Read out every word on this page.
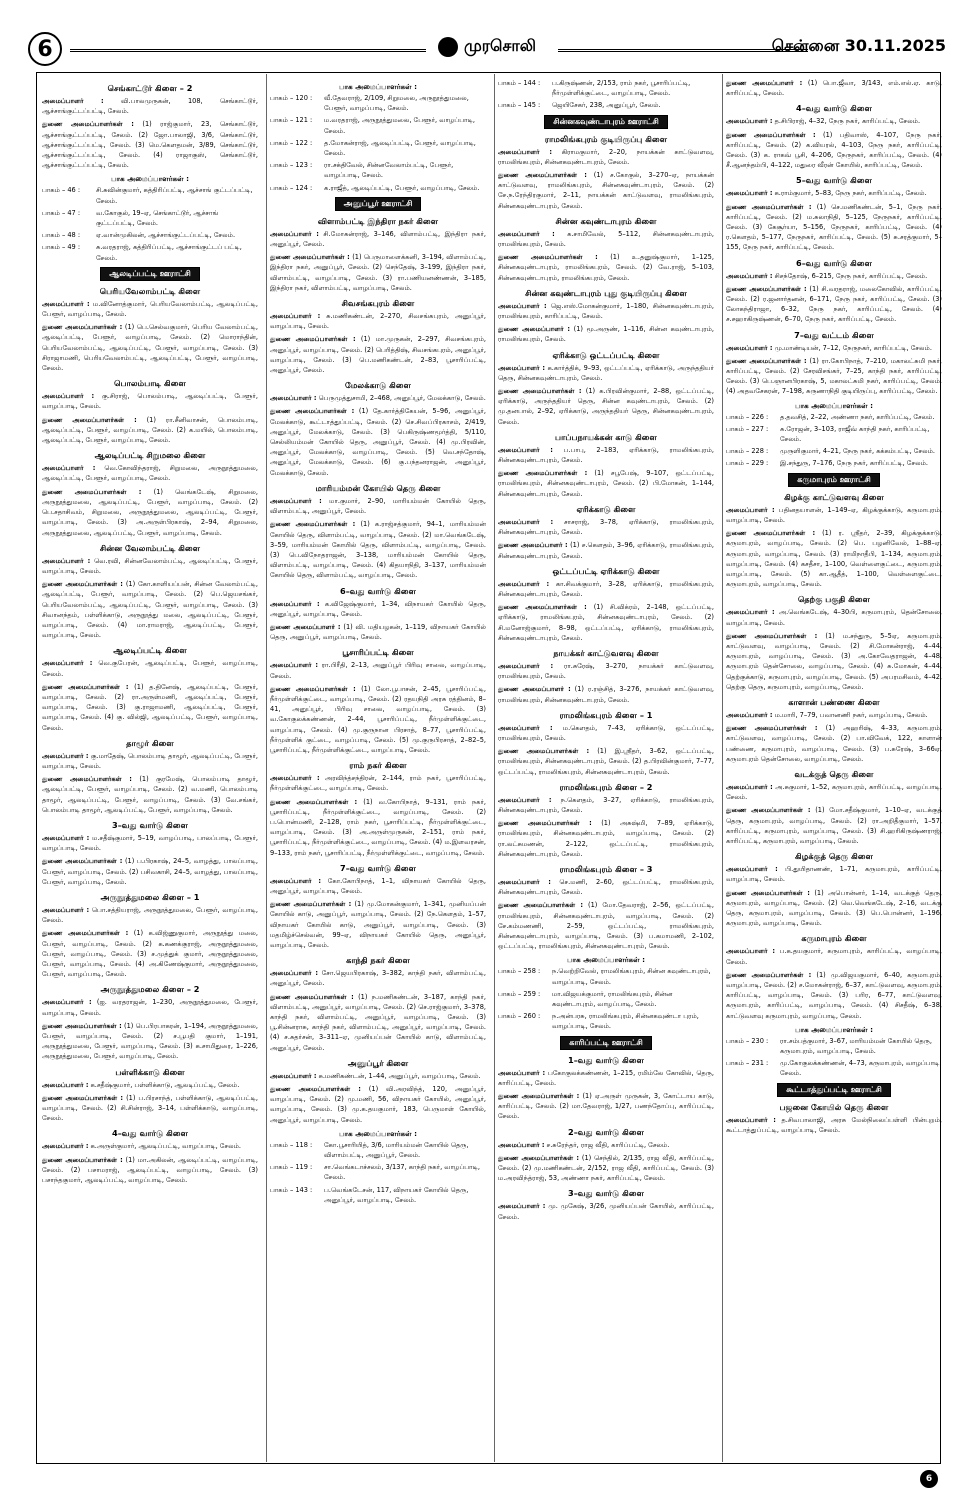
6	முரசொலி	சென்னை 30.11.2025
செங்காட்டூர் கிளை – 2
அமைப்பாளர் :	வி.பாலமுருகன், 108, செங்காட்டூர், ஆச்சாங்குட்டப்பட்டி, சேலம்.
துணை அமைப்பாளர்கள் : (1) ராஜ்குமார், 23, செங்காட்டூர், ஆச்சாங்குட்டப்பட்டி, சேலம். (2) ஜோ.பாலாஜி, 3/6, செங்காட்டூர், ஆச்சாங்குட்டப்பட்டி, சேலம். (3) மெ.கௌதமன், 3/89, செங்காட்டூர், ஆச்சாங்குட்டப்பட்டி, சேலம். (4) ராஜாகுஸ், செங்காட்டூர், ஆச்சாங்குட்டப்பட்டி, சேலம்.
பாக அமைப்பாளர்கள் :
பாகம் – 46 :	சி.சுவின்குமார், கத்திரிப்பட்டி, ஆச்சாங் குட்டப்பட்டி, சேலம்.
பாகம் – 47 :	வ.கோகுல், 19–ஏ, செங்காட்டூர், ஆச்சாங் குட்டப்பட்டி, சேலம்.
பாகம் – 48 :	ஏ.வான்முகிலன், ஆச்சாங்குட்டப்பட்டி, சேலம்.
பாகம் – 49 :	சு.வரதராஜ், கத்திரிப்பட்டி, ஆச்சாங்குட்டப் பட்டி, சேலம்.
ஆலடிப்பட்டி ஊராட்சி
பெரியவேலாம்பட்டி கிளை
அமைப்பாளர் : ம.வினோத்குமார், பெரியவேலாம்பட்டி, ஆலடிப்பட்டி, பேளூர், வாழப்பாடி, சேலம்.
துணை அமைப்பாளர்கள் : (1) பெ.செல்வகுமார், பெரிய வேலாம்பட்டி, ஆலடிப்பட்டி, பேளூர், வாழப்பாடி, சேலம். (2) மொராந்தின், பெரியவேலாம்பட்டி, ஆலடிப்பட்டி, பேளூர், வாழப்பாடி, சேலம். (3) சிராஜாமணி, பெரியவேலாம்பட்டி, ஆலடிப்பட்டி, பேளூர், வாழப்பாடி, சேலம்.
பொலம்பாடி கிளை
அமைப்பாளர் : கு.சிராஜ், பொலம்பாடி, ஆலடிப்பட்டி, பேளூர், வாழப்பாடி, சேலம்.
துணை அமைப்பாளர்கள் : (1) ரா.சீனிவாசன், பொலம்பாடி, ஆலடிப்பட்டி, பேளூர், வாழப்பாடி, சேலம். (2) க.மயில், பொலம்பாடி, ஆலடிப்பட்டி, பேளூர், வாழப்பாடி, சேலம்.
ஆலடிப்பட்டி சிறுமலை கிளை
அமைப்பாளர் : வெ.கோவிந்தராஜ், சிறுமலை, அருநூத்துமலை, ஆலடிப்பட்டி, பேளூர், வாழப்பாடி, சேலம்.
துணை அமைப்பாளர்கள் : (1) வெங்கடேஷ், சிறுமலை, அருநூத்துமலை, ஆலடிப்பட்டி, பேளூர், வாழப்பாடி, சேலம். (2) பெ.சதாசிவம், சிறுமலை, அருநூத்துமலை, ஆலடிப்பட்டி, பேளூர், வாழப்பாடி, சேலம். (3) அ.அருள்பிரகாஷ், 2–94, சிறுமலை, அருநூத்துமலை, ஆலடிப்பட்டி, பேளூர், வாழப்பாடி, சேலம்.
சின்ன வேலாம்பட்டி கிளை
அமைப்பாளர் : வெ.ரவி, சின்னவேலாம்பட்டி, ஆலடிப்பட்டி, பேளூர், வாழப்பாடி, சேலம்.
துணை அமைப்பாளர்கள் : (1) கோ.காளியப்பன், சின்ன வேலாம்பட்டி, ஆலடிப்பட்டி, பேளூர், வாழப்பாடி, சேலம். (2) பெ.ஜெயசங்கர், பெரியவேலாம்பட்டி, ஆலடிப்பட்டி, பேளூர், வாழப்பாடி, சேலம். (3) சிவானந்தம், பள்ளிக்காடு, அருநூத்து மலை, ஆலடிப்பட்டி, பேளூர், வாழப்பாடி, சேலம். (4) மா.ராமராஜ், ஆலடிப்பட்டி, பேளூர், வாழப்பாடி, சேலம்.
ஆலடிப்பட்டி கிளை
அமைப்பாளர் : வெ.குபேரன், ஆலடிப்பட்டி, பேளூர், வாழப்பாடி, சேலம்.
துணை அமைப்பாளர்கள் : (1) த.தினேஷ், ஆலடிப்பட்டி, பேளூர், வாழப்பாடி, சேலம். (2) ரா.அருள்மணி, ஆலடிப்பட்டி, பேளூர், வாழப்பாடி, சேலம். (3) கு.ராஜாமணி, ஆலடிப்பட்டி, பேளூர், வாழப்பாடி, சேலம். (4) கு. வில்ஜி, ஆலடிப்பட்டி, பேளூர், வாழப்பாடி, சேலம்.
தாழூர் கிளை
அமைப்பாளர் : கு.மாதேஷ், பொலம்பாடி தாழூர், ஆலடிப்பட்டி, பேளூர், வாழப்பாடி, சேலம்.
துணை அமைப்பாளர்கள் : (1) குரமேஷ், பொலம்பாடி தாழூர், ஆலடிப்பட்டி, பேளூர், வாழப்பாடி, சேலம். (2) வ.மணி, பொலம்பாடி தாழூர், ஆலடிப்பட்டி, பேளூர், வாழப்பாடி, சேலம். (3) வே.சங்கர், பொலம்பாடி தாழூர், ஆலடிப்பட்டி, பேளூர், வாழப்பாடி, சேலம்.
3–வது வார்டு கிளை
அமைப்பாளர் : ம.சதீஷ்குமார், 5–19, வாழப்பாடி, பாலப்பாடி, பேளூர், வாழப்பாடி, சேலம்.
துணை அமைப்பாளர்கள் : (1) ப.பிரகாஷ், 24–5, வாழத்து, பாலப்பாடி, பேளூர், வாழப்பாடி, சேலம். (2) பசிவகாசி, 24–5, வாழத்து, பாலப்பாடி, பேளூர், வாழப்பாடி, சேலம்.
அருநூத்துமலை கிளை – 1
அமைப்பாளர் : பொ.சத்தியராஜ், அருநூத்துமலை, பேளூர், வாழப்பாடி, சேலம்.
துணை அமைப்பாளர்கள் : (1) க.விஜ்ணுகுமார், அருநூத்து மலை, பேளூர், வாழப்பாடி, சேலம். (2) க.கணக்குராஜ், அருநூத்துமலை, பேளூர், வாழப்பாடி, சேலம். (3) ச.முத்துக் குமார், அருநூத்துமலை, பேளூர், வாழப்பாடி, சேலம். (4) அ.கிணேஷ்குமார், அருநூத்துமலை, பேளூர், வாழப்பாடி, சேலம்.
அருநூத்துமலை கிளை – 2
அமைப்பாளர் : (ஐ. வரதராஜன், 1–230, அருநூத்துமலை, பேளூர், வாழப்பாடி, சேலம்.
துணை அமைப்பாளர்கள் : (1) பெ.பிரபாகரன், 1–194, அருநூத்துமலை, பேளூர், வாழப்பாடி, சேலம். (2) ச.பூபதி குமார், 1–191, அருநூத்துமலை, பேளூர், வாழப்பாடி, சேலம். (3) க.சாமிதுரை, 1–226, அருநூத்துமலை, பேளூர், வாழப்பாடி, சேலம்.
பள்ளிக்காடு கிளை
அமைப்பாளர் : க.சதீஷ்குமார், பள்ளிக்காடு, ஆலடிப்பட்டி, சேலம்.
துணை அமைப்பாளர்கள் : (1) ப.பிரசாந்த், பள்ளிக்காடு, ஆலடிப்பட்டி, வாழப்பாடி, சேலம். (2) சி.சின்ராஜ், 3–14, பள்ளிக்காடு, வாழப்பாடி, சேலம்.
4–வது வார்டு கிளை
அமைப்பாளர் : க.அருள்குமார், ஆலடிப்பட்டி, வாழப்பாடி, சேலம்.
துணை அமைப்பாளர்கள் : (1) மா.அகிலன், ஆலடிப்பட்டி, வாழப்பாடி, சேலம். (2) பசாமராஜ், ஆலடிப்பட்டி, வாழப்பாடி, சேலம். (3) பசாந்தகுமார், ஆலடிப்பட்டி, வாழப்பாடி, சேலம்.
பாக அமைப்பாளர்கள் :
பாகம் – 120 :	வீ.தேவராஜ், 2/109, சிறுமலை, அருநூத்துமலை, பேளூர், வாழப்பாடி, சேலம்.
பாகம் – 121 :	ம.வரதராஜ், அருநூத்துமலை, பேளூர், வாழப்பாடி, சேலம்.
பாகம் – 122 :	த.மோகன்ராஜ், ஆலடிப்பட்டி, பேளூர், வாழப்பாடி, சேலம்.
பாகம் – 123 :	ரா.சக்திவேல், சின்னவேலாம்பட்டி, பேளூர், வாழப்பாடி, சேலம்.
பாகம் – 124 :	க.ராஜீத், ஆலடிப்பட்டி, பேளூர், வாழப்பாடி, சேலம்.
அனுப்பூர் ஊராட்சி
விளாம்பட்டி இந்திரா நகர் கிளை
அமைப்பாளர் : சி.மோகன்ராஜ், 3–146, விளாம்பட்டி, இந்திரா நகர், அனுப்பூர், சேலம்.
துணை அமைப்பாளர்கள் : (1) பெருமாளைக்கனி, 3–194, விளாம்பட்டி, இந்திரா நகர், அனுப்பூர், சேலம். (2) செந்தேஷ், 3–199, இந்திரா நகர், விளாம்பட்டி, வாழப்பாடி, சேலம். (3) ரா.பணியனண்ணன், 3–185, இந்திரா நகர், விளாம்பட்டி, வாழப்பாடி, சேலம்.
சிவசங்கபுரம் கிளை
அமைப்பாளர் : சு.மணிகண்டன், 2–270, சிவசங்கபுரம், அனுப்பூர், வாழப்பாடி, சேலம்.
துணை அமைப்பாளர்கள் : (1) மா.முருகன், 2–297, சிவசங்கபுரம், அனுப்பூர், வாழப்பாடி, சேலம். (2) பெரித்திஷ், சிவசங்கபுரம், அனுப்பூர், வாழப்பாடி, சேலம். (3) பெ.மணிகண்டன், 2–83, பூசாரிப்பட்டி, அனுப்பூர், சேலம்.
மேலக்காடு கிளை
அமைப்பாளர் : பெருமுத்துசாமி, 2–468, அனுப்பூர், மேலக்காடு, சேலம்.
துணை அமைப்பாளர்கள் : (1) தே.கார்த்திகேயன், 5–96, அனுப்பூர், மேலக்காடு, கூட்டாத்துப்பட்டி, சேலம். (2) செ.சிவப்பிரகாசம், 2/419, அனுப்பூர், மேலக்காடு, சேலம். (3) பெகிருஷ்ணமூர்த்தி, 5/110, செல்லியம்மன் கோயில் தெரு, அனுப்பூர், சேலம். (4) மு.பிரவின், அனுப்பூர், மேலக்காடு, வாழப்பாடி, சேலம். (5) வெ.சந்தோஷ், அனுப்பூர், மேலக்காடு, சேலம். (6) கு.பந்தனராஜன், அனுப்பூர், மேலக்காடு, சேலம்.
மாரியம்மன் கோயில் தெரு கிளை
அமைப்பாளர் : மா.குமார், 2–90, மாரியம்மன் கோயில் தெரு, விளாம்பட்டி, அனுப்பூர், சேலம்.
துணை அமைப்பாளர்கள் : (1) க.ராஜ்சத்குமார், 94–1, மாரியம்மன் கோயில் தெரு, விளாம்பட்டி, வாழப்பாடி, சேலம். (2) மா.வெங்கடேஷ், 3–59, மாரியம்மன் கோயில் தெரு, விளாம்பட்டி, வாழப்பாடி, சேலம். (3) பெ.விநோதராஜன், 3–138, மாரியம்மன் கோயில் தெரு, விளாம்பட்டி, வாழப்பாடி, சேலம். (4) கிதயாநிதி, 3–137, மாரியம்மன் கோயில் தெரு, விளாம்பட்டி, வாழப்பாடி, சேலம்.
6–வது வார்டு கிளை
அமைப்பாளர் : க.விஜேஷ்குமார், 1–34, விநாயகர் கோயில் தெரு, அனுப்பூர், வாழப்பாடி, சேலம்.
துணை அமைப்பாளர் : (1) வி. மதியழகன், 1–119, விநாயகர் கோயில் தெரு, அனுப்பூர், வாழப்பாடி, சேலம்.
பூசாரிப்பட்டி கிளை
அமைப்பாளர் : ரா.பிரீதி, 2–13, அனுப்பூர் பிரிவு சாலை, வாழப்பாடி, சேலம்.
துணை அமைப்பாளர்கள் : (1) லோ.பூபாசன், 2–45, பூசாரிப்பட்டி, நீர்முள்ளிக்குட்டை, வாழப்பாடி, சேலம். (2) ரதயநிதி அரசு ரத்தினம், 8–41, அனுப்பூர், பிரிவு சாலை, வாழப்பாடி, சேலம். (3) வ.கோகுலக்கண்ணன், 2–44, பூசாரிப்பட்டி, நீர்முள்ளிக்குட்டை, வாழப்பாடி, சேலம். (4) மு.குருநான பிரசாத், 8–77, பூசாரிப்பட்டி, நீர்முள்ளிக் குட்டை, வாழப்பாடி, சேலம். (5) மு.குருபிரசாத், 2–82–5, பூசாரிப்பட்டி, நீர்முள்ளிக்குட்டை, வாழப்பாடி, சேலம்.
ராம் நகர் கிளை
அமைப்பாளர் : அரவிந்த்சந்திரன், 2–144, ராம் நகர், பூசாரிப்பட்டி, நீர்முள்ளிக்குட்டை, வாழப்பாடி, சேலம்.
துணை அமைப்பாளர்கள் : (1) வ.கோபிநாத், 9–131, ராம் நகர், பூசாரிப்பட்டி, நீர்முள்ளிக்குட்டை, வாழப்பாடி, சேலம். (2) ப.பொன்மணி, 2–128, ராம் நகர், பூசாரிப்பட்டி, நீர்முள்ளிக்குட்டை, வாழப்பாடி, சேலம். (3) அ.அருள்முருகன், 2–151, ராம் நகர், பூசாரிப்பட்டி, நீர்முள்ளிக்குட்டை, வாழப்பாடி, சேலம். (4) ம.இளவரசன், 9–133, ராம் நகர், பூசாரிப்பட்டி, நீர்முள்ளிக்குட்டை, வாழப்பாடி, சேலம்.
7–வது வார்டு கிளை
அமைப்பாளர் : கோ.கோபிநாத், 1–1, விநாயகர் கோயில் தெரு, அனுப்பூர், வாழப்பாடி, சேலம்.
துணை அமைப்பாளர்கள் : (1) மு.மோகன்குமார், 1–341, முனியப்பன் கோயில் காடு, அனுப்பூர், வாழப்பாடி, சேலம். (2) நே.கௌதம், 1–57, விநாயகர் கோயில் காடு, அனுப்பூர், வாழப்பாடி, சேலம். (3) மதமிழ்ச்செல்வன், 99–ஏ, விநாயகர் கோயில் தெரு, அனுப்பூர், வாழப்பாடி, சேலம்.
காந்தி நகர் கிளை
அமைப்பாளர் : சோ.ஜெயபிரகாஷ், 3–382, காந்தி நகர், விளாம்பட்டி, அனுப்பூர், சேலம்.
துணை அமைப்பாளர்கள் : (1) ந.மணிகண்டன், 3–187, காந்தி நகர், விளாம்பட்டி, அனுப்பூர், வாழப்பாடி, சேலம். (2) செ.ராஜ்குமார், 3–378, காந்தி நகர், விளாம்பட்டி, அனுப்பூர், வாழப்பாடி, சேலம். (3) பூ.சின்னராசு, காந்தி நகர், விளாம்பட்டி, அனுப்பூர், வாழப்பாடி, சேலம். (4) ச.சுதர்சன், 3–311–ஏ, முனியப்பன் கோயில் காடு, விளாம்பட்டி, அனுப்பூர், சேலம்.
அனுப்பூர் கிளை
அமைப்பாளர் : சு.மணிகண்டன், 1–44, அனுப்பூர், வாழப்பாடி, சேலம்.
துணை அமைப்பாளர்கள் : (1) வி.அரவிந்த், 120, அனுப்பூர், வாழப்பாடி, சேலம். (2) மு.மணி, 56, விநாயகர் கோயில், அனுப்பூர், வாழப்பாடி, சேலம். (3) மு.க.தயகுமார், 183, பெருமாள் கோயில், அனுப்பூர், வாழப்பாடி, சேலம்.
பாக அமைப்பாளர்கள் :
பாகம் – 118 :	கோ.பூசாரியித், 3/6, மாரியம்மன் கோயில் தெரு, விளாம்பட்டி, அனுப்பூர், சேலம்.
பாகம் – 119 :	சா.வெங்கடாச்சலம், 3/137, காந்தி நகர், வாழப்பாடி, சேலம்.
பாகம் – 143 :	ப.வெங்கடேசன், 117, விநாயகர் கோயில் தெரு, அனுப்பூர், வாழப்பாடி, சேலம்.
பாகம் – 144 :	ப.கிருஷ்ணன், 2/153, ராம் நகர், பூசாரிப்பட்டி, நீர்முள்ளிக்குட்டை, வாழப்பாடி, சேலம்.
பாகம் – 145 :	ஜெயிசேகர், 238, அனுப்பூர், சேலம்.
சின்னகவுண்டாபுரம் ஊராட்சி
ராமலிங்கபுரம் குடியிருப்பு கிளை
அமைப்பாளர் : கிராமகுமார், 2–20, நாயக்கன் காட்டுவளவு, ராமலிங்கபுரம், சின்னகவுண்டாபுரம், சேலம்.
துணை அமைப்பாளர்கள் : (1) ச.கோகுல், 3–270–ஏ, நாயக்கன் காட்டுவளவு, ராமலிங்கபுரம், சின்னகவுண்டாபுரம், சேலம். (2) சே.ந.ரேந்திரகுமார், 2–11, நாயக்கன் காட்டுவளவு, ராமலிங்கபுரம், சின்னகவுண்டாபுரம், சேலம்.
சின்ன கவுண்டாபுரம் கிளை
அமைப்பாளர் : க.சாமிவேல், 5–112, சின்னகவுண்டாபுரம், ராமலிங்கபுரம், சேலம்.
துணை அமைப்பாளர்கள் : (1) உ.தனுஷ்குமார், 1–125, சின்னகவுண்டாபுரம், ராமலிங்கபுரம், சேலம். (2) வே.ராஜ், 5–103, சின்னகவுண்டாபுரம், ராமலிங்கபுரம், சேலம்.
சின்ன கவுண்டாபுரம் புது குடியிருப்பு கிளை
அமைப்பாளர் : ஜெ.எஸ்.மோகன்குமார், 1–180, சின்னகவுண்டாபுரம், ராமலிங்கபுரம், காரிப்பட்டி, சேலம்.
துணை அமைப்பாளர் : (1) மூ.அருண், 1–116, சின்ன கவுண்டாபுரம், ராமலிங்கபுரம், சேலம்.
ஏரிக்காடு ஒட்டப்பட்டி கிளை
அமைப்பாளர் : க.கார்த்திக், 9–93, ஒட்டப்பட்டி, ஏரிக்காடு, அருந்ததியர் தெரு, சின்னகவுண்டாபுரம், சேலம்.
துணை அமைப்பாளர்கள் : (1) க.பிரவின்குமார், 2–88, ஒட்டப்பட்டி, ஏரிக்காடு, அருந்ததியர் தெரு, சின்ன கவுண்டாபுரம், சேலம். (2) மு.தனபால், 2–92, ஏரிக்காடு, அருந்ததியர் தெரு, சின்னகவுண்டாபுரம், சேலம்.
பாப்பநாயக்கன் காடு கிளை
அமைப்பாளர் : ப.பாபு, 2–183, ஏரிக்காடு, ராமலிங்கபுரம், சின்னகவுண்டாபுரம், சேலம்.
துணை அமைப்பாளர்கள் : (1) சபூபேஷ், 9–107, ஒட்டப்பட்டி, ராமலிங்கபுரம், சின்னகவுண்டாபுரம், சேலம். (2) பி.மோகன், 1–144, சின்னகவுண்டாபுரம், சேலம்.
ஏரிக்காடு கிளை
அமைப்பாளர் : சாசராஜ், 3–78, ஏரிக்காடு, ராமலிங்கபுரம், சின்னகவுண்டாபுரம், சேலம்.
துணை அமைப்பாளர் : (1) ச.கௌதம், 3–96, ஏரிக்காடு, ராமலிங்கபுரம், சின்னகவுண்டாபுரம், சேலம்.
ஒட்டப்பட்டி ஏரிக்காடு கிளை
அமைப்பாளர் : கா.சிவக்குமார், 3–28, ஏரிக்காடு, ராமலிங்கபுரம், சின்னகவுண்டாபுரம், சேலம்.
துணை அமைப்பாளர்கள் : (1) சி.விக்ரம், 2–148, ஒட்டப்பட்டி, ஏரிக்காடு, ராமலிங்கபுரம், சின்னகவுண்டாபுரம், சேலம். (2) சி.மனோஜ்குமார், 8–98, ஒட்டப்பட்டி, ஏரிக்காடு, ராமலிங்கபுரம், சின்னகவுண்டாபுரம், சேலம்.
நாயக்கர் காட்டுவளவு கிளை
அமைப்பாளர் : ரா.சுரேஷ், 3–270, நாயக்கர் காட்டுவளவு, ராமலிங்கபுரம், சேலம்.
துணை அமைப்பாளர் : (1) ர.ரஞ்சித், 3–276, நாயக்கர் காட்டுவளவு, ராமலிங்கபுரம், சின்னகவுண்டாபுரம், சேலம்.
ராமலிங்கபுரம் கிளை – 1
அமைப்பாளர் : ம.கௌதம், 7–43, ஏரிக்காடு, ஒட்டப்பட்டி, ராமலிங்கபுரம், சேலம்.
துணை அமைப்பாளர்கள் : (1) இ.ஸ்ரீதர், 3–62, ஒட்டப்பட்டி, ராமலிங்கபுரம், சின்னகவுண்டாபுரம், சேலம். (2) த.பிரவின்குமார், 7–77, ஒட்டப்பட்டி, ராமலிங்கபுரம், சின்னகவுண்டாபுரம், சேலம்.
ராமலிங்கபுரம் கிளை – 2
அமைப்பாளர் : ந.கௌதம், 3–27, ஏரிக்காடு, ராமலிங்கபுரம், சின்னகவுண்டாபுரம், சேலம்.
துணை அமைப்பாளர்கள் : (1) அசுஷ்மி, 7–89, ஏரிக்காடு, ராமலிங்கபுரம், சின்னகவுண்டாபுரம், வாழப்பாடி, சேலம். (2) ரா.லட்சுமணன், 2–122, ஒட்டப்பட்டி, ராமலிங்கபுரம், சின்னகவுண்டாபுரம், சேலம்.
ராமலிங்கபுரம் கிளை – 3
அமைப்பாளர் : செ.மணி, 2–60, ஒட்டப்பட்டி, ராமலிங்கபுரம், சின்னகவுண்டாபுரம், சேலம்.
துணை அமைப்பாளர்கள் : (1) மோ.தேவராஜ், 2–56, ஒட்டப்பட்டி, ராமலிங்கபுரம், சின்னகவுண்டாபுரம், வாழப்பாடி, சேலம். (2) சே.கம்மணணி, 2–59, ஒட்டப்பட்டி, ராமலிங்கபுரம், சின்னகவுண்டாபுரம், வாழப்பாடி, சேலம். (3) ப.கமாமணி, 2–102, ஒட்டப்பட்டி, ராமலிங்கபுரம், சின்னகவுண்டாபுரம், சேலம்.
பாக அமைப்பாளர்கள் :
பாகம் – 258 :	ந.வெற்றிவேல், ராமலிங்கபுரம், சின்ன கவுண்டாபுரம், வாழப்பாடி, சேலம்.
பாகம் – 259 :	மா.விஜயக்குமார், ராமலிங்கபுரம், சின்ன கவுண்டாபுரம், வாழப்பாடி, சேலம்.
பாகம் – 260 :	ந.அன்பரசு, ராமலிங்கபுரம், சின்னகவுண்டா புரம், வாழப்பாடி, சேலம்.
காரிப்பட்டி ஊராட்சி
1–வது வார்டு கிளை
அமைப்பாளர் : பகோகுலக்கண்ணன், 1–215, ரமிம்லே கோவில், தெரு, காரிப்பட்டி, சேலம்.
துணை அமைப்பாளர்கள் : (1) ஏ.அருள் முருகன், 3, கோட்டாய காடு, காரிப்பட்டி, சேலம். (2) மா.தேவராஜ், 1/27, பணந்தோப்பு, காரிப்பட்டி, சேலம்.
2–வது வார்டு கிளை
அமைப்பாளர் : ச.சுரேந்தர், ராஜ வீதி, காரிப்பட்டி, சேலம்.
துணை அமைப்பாளர்கள் : (1) செந்தில், 2/135, ராஜ வீதி, காரிப்பட்டி, சேலம். (2) மு.மணிகண்டன், 2/152, ராஜ வீதி, காரிப்பட்டி, சேலம். (3) ம.அரவிந்த்ராஜ், 53, அண்ணா நகர், காரிப்பட்டி, சேலம்.
3–வது வார்டு கிளை
அமைப்பாளர் : மு. முகேஷ், 3/26, முனியப்பன் கோயில், காரிப்பட்டி, சேலம்.
துணை அமைப்பாளர் : (1) பொ.ஜீவா, 3/143, எம்.எல்.ஏ. காடு, காரிப்பட்டி, சேலம்.
4–வது வார்டு கிளை
அமைப்பாளர் : த.சிபிராஜ், 4–32, நேரு நகர், காரிப்பட்டி, சேலம்.
துணை அமைப்பாளர்கள் : (1) பதிவாஸ், 4–107, நேரு நகர், காரிப்பட்டி, சேலம். (2) க.வியரல், 4–103, நேரு நகர், காரிப்பட்டி, சேலம். (3) க. ராகவ் பூசி, 4–206, நேருநகர், காரிப்பட்டி, சேலம். (4) சீ.ஆனந்தம்பி, 4–122, மதுரை வீரன் கோயில், காரிப்பட்டி, சேலம்.
5–வது வார்டு கிளை
அமைப்பாளர் : க.ராம்குமார், 5–83, நேரு நகர், காரிப்பட்டி, சேலம்.
துணை அமைப்பாளர்கள் : (1) செ.மணிகண்டன், 5–1, நேரு நகர், காரிப்பட்டி, சேலம். (2) ம.சுலாநிதி, 5–125, நேருநகர், காரிப்பட்டி, சேலம். (3) கேசூர்யா, 5–156, நேருநகர், காரிப்பட்டி, சேலம். (4) ர.கௌதம், 5–177, நேருநகர், காரிப்பட்டி, சேலம். (5) சு.சரத்குமார், 5–155, நேரு நகர், காரிப்பட்டி, சேலம்.
6–வது வார்டு கிளை
அமைப்பாளர் : சிசந்தோஷ், 6–215, நேரு நகர், காரிப்பட்டி, சேலம்.
துணை அமைப்பாளர்கள் : (1) சி.வரதராஜ், மலைகோவில், காரிப்பட்டி, சேலம். (2) ர.ஜனார்தனன், 6–171, நேரு நகர், காரிப்பட்டி, சேலம். (3) லோகந்திராஜா, 6–32, நேரு நகர், காரிப்பட்டி, சேலம். (4) ச.சஹாகிருஷ்ணன், 6–70, நேரு நகர், காரிப்பட்டி, சேலம்.
7–வது வட்டம் கிளை
அமைப்பாளர் : மு.மாண்டியன், 7–12, நேருநகர், காரிப்பட்டி, சேலம்.
துணை அமைப்பாளர்கள் : (1) ரா.கோபிநாத், 7–210, மகாலட்சுமி நகர், காரிப்பட்டி, சேலம். (2) சேரவிசங்கர், 7–25, காந்தி நகர், காரிப்பட்டி, சேலம். (3) பெ.ஞானபிரகாஷ், 5, மகாலட்சுமி நகர், காரிப்பட்டி, சேலம். (4) அதவசேகரன், 7–198, சுருணாநிதி குடியிருப்பு, காரிப்பட்டி, சேலம்.
பாக அமைப்பாளர்கள் :
பாகம் – 226 :	த.தவசித், 2–22, அண்ணா நகர், காரிப்பட்டி, சேலம்.
பாகம் – 227 :	சு.ரோஜன், 3–103, ராஜீவ் காந்தி நகர், காரிப்பட்டி, சேலம்.
பாகம் – 228 :	முருளிகுமார், 4–21, நேரு நகர், கக்கம்பட்டி, சேலம்.
பாகம் – 229 :	இ.சந்துரு, 7–176, நேரு நகர், காரிப்பட்டி, சேலம்.
கருமாபுரம் ஊராட்சி
கிழக்கு காட்டுவளவு கிளை
அமைப்பாளர் : பதினதயாளன், 1–149–ஏ, கிழக்குக்காடு, கருமாபுரம், வாழப்பாடி, சேலம்.
துணை அமைப்பாளர்கள் : (1) ர. ஸ்ரீதர், 2–39, கிழக்குக்காடு, கருமாபுரம், வாழப்பாடி, சேலம். (2) பெ. பழனிவேல், 1–88–ஏ, கருமாபுரம், வாழப்பாடி, சேலம். (3) ராமிநாதீபி, 1–134, கருமாபுரம், வாழப்பாடி, சேலம். (4) கசதீசா, 1–100, வெள்ளைகுட்டை, கருமாபுரம், வாழப்பாடி, சேலம். (5) கா.ஆதீத், 1–100, வெள்ளைகுட்டை, கருமாபுரம், வாழப்பாடி, சேலம்.
தெற்கு பகுதி கிளை
அமைப்பாளர் : அ.வெங்கடேஷ், 4–30பி, கருமாபுரம், தென்சோலை, வாழப்பாடி, சேலம்.
துணை அமைப்பாளர்கள் : (1) ம.சந்துரு, 5–5ஏ, கருமாபுரம், காட்டுவளவு, வாழப்பாடி, சேலம். (2) சி.மோகன்ராஜ், 4–44, கருமாபுரம், வாழப்பாடி, சேலம். (3) அ.கோவேதராஜன், 4–48, கருமாபுரம் தென்சோலை, வாழப்பாடி, சேலம். (4) சு.மோகன், 4–44, தெற்குக்காடு, கருமாபுரம், வாழப்பாடி, சேலம். (5) அபரமசிவம், 4–42, தெற்கு தெரு, கருமாபுரம், வாழப்பாடி, சேலம்.
காளான் பண்ணை கிளை
அமைப்பாளர் : ம.மாரி, 7–79, பவானணி நகர், வாழப்பாடி, சேலம்.
துணை அமைப்பாளர்கள் : (1) அஹரிஷ், 4–33, கருமாபுரம், காட்டுவளவு, வாழப்பாடி, சேலம். (2) பா.விவேக், 122, காளான் பண்ணை, கருமாபுரம், வாழப்பாடி, சேலம். (3) ப.சுரேஷ், 3–66ஏ, கருமாபுரம் தென்சோலை, வாழப்பாடி, சேலம்.
வடக்குத் தெரு கிளை
அமைப்பாளர் : அ.சுகுமார், 1–52, கருமாபுரம், காரிப்பட்டி, வாழப்பாடி, சேலம்.
துணை அமைப்பாளர்கள் : (1) மோ.சதீஷ்குமார், 1–10–ஏ, வடக்குத் தெரு, கருமாபுரம், வாழப்பாடி, சேலம். (2) ரா.அறிதீகுமார், 1–57, காரிப்பட்டி, கருமாபுரம், வாழப்பாடி, சேலம். (3) சி.ஹரிகிருஷ்ணராஜ், காரிப்பட்டி, கருமாபுரம், வாழப்பாடி, சேலம்.
கிழக்குத் தெரு கிளை
அமைப்பாளர் : பி.துயிதாணண், 1–71, கருமாபுரம், காரிப்பட்டி, வாழப்பாடி, சேலம்.
துணை அமைப்பாளர்கள் : (1) அபொன்னர், 1–14, வடக்குத் தெரு, கருமாபுரம், வாழப்பாடி, சேலம். (2) வெ.வெங்கடேஷ், 2–16, வடக்கு தெரு, கருமாபுரம், வாழப்பாடி, சேலம். (3) பெ.பொன்னர், 1–196, கருமாபுரம், வாழப்பாடி, சேலம்.
கருமாபுரம் கிளை
அமைப்பாளர் : ப.க.தயகுமார், கருமாபுரம், காரிப்பட்டி, வாழப்பாடி, சேலம்.
துணை அமைப்பாளர்கள் : (1) மு.விஜயகுமார், 6–40, கருமாபுரம், வாழப்பாடி, சேலம். (2) ச.மோகன்ராஜ், 6–37, காட்டுவளவு, கருமாபுரம், காரிப்பட்டி, வாழப்பாடி, சேலம். (3) பரிர, 6–77, காட்டுவளவு, கருமாபுரம், காரிப்பட்டி, வாழப்பாடி, சேலம். (4) சிசதீஷ், 6–38, காட்டுவளவு கருமாபுரம், வாழப்பாடி, சேலம்.
பாக அமைப்பாளர்கள் :
பாகம் – 230 :	ரா.சம்பத்குமார், 3–67, மாரியம்மன் கோயில் தெரு, கருமாபுரம், வாழப்பாடி, சேலம்.
பாகம் – 231 :	மு.கோகுலக்கண்ணன், 4–73, கருமாபுரம், வாழப்பாடி, சேலம்.
கூட்டாத்துப்பட்டி ஊராட்சி
பஜனை கோயில் தெரு கிளை
அமைப்பாளர் : த.சிவபாலாஜி, அரசு மேல்நிலைப்பள்ளி பின்புறம், கூட்டாத்துப்பட்டி, வாழப்பாடி, சேலம்.
6
